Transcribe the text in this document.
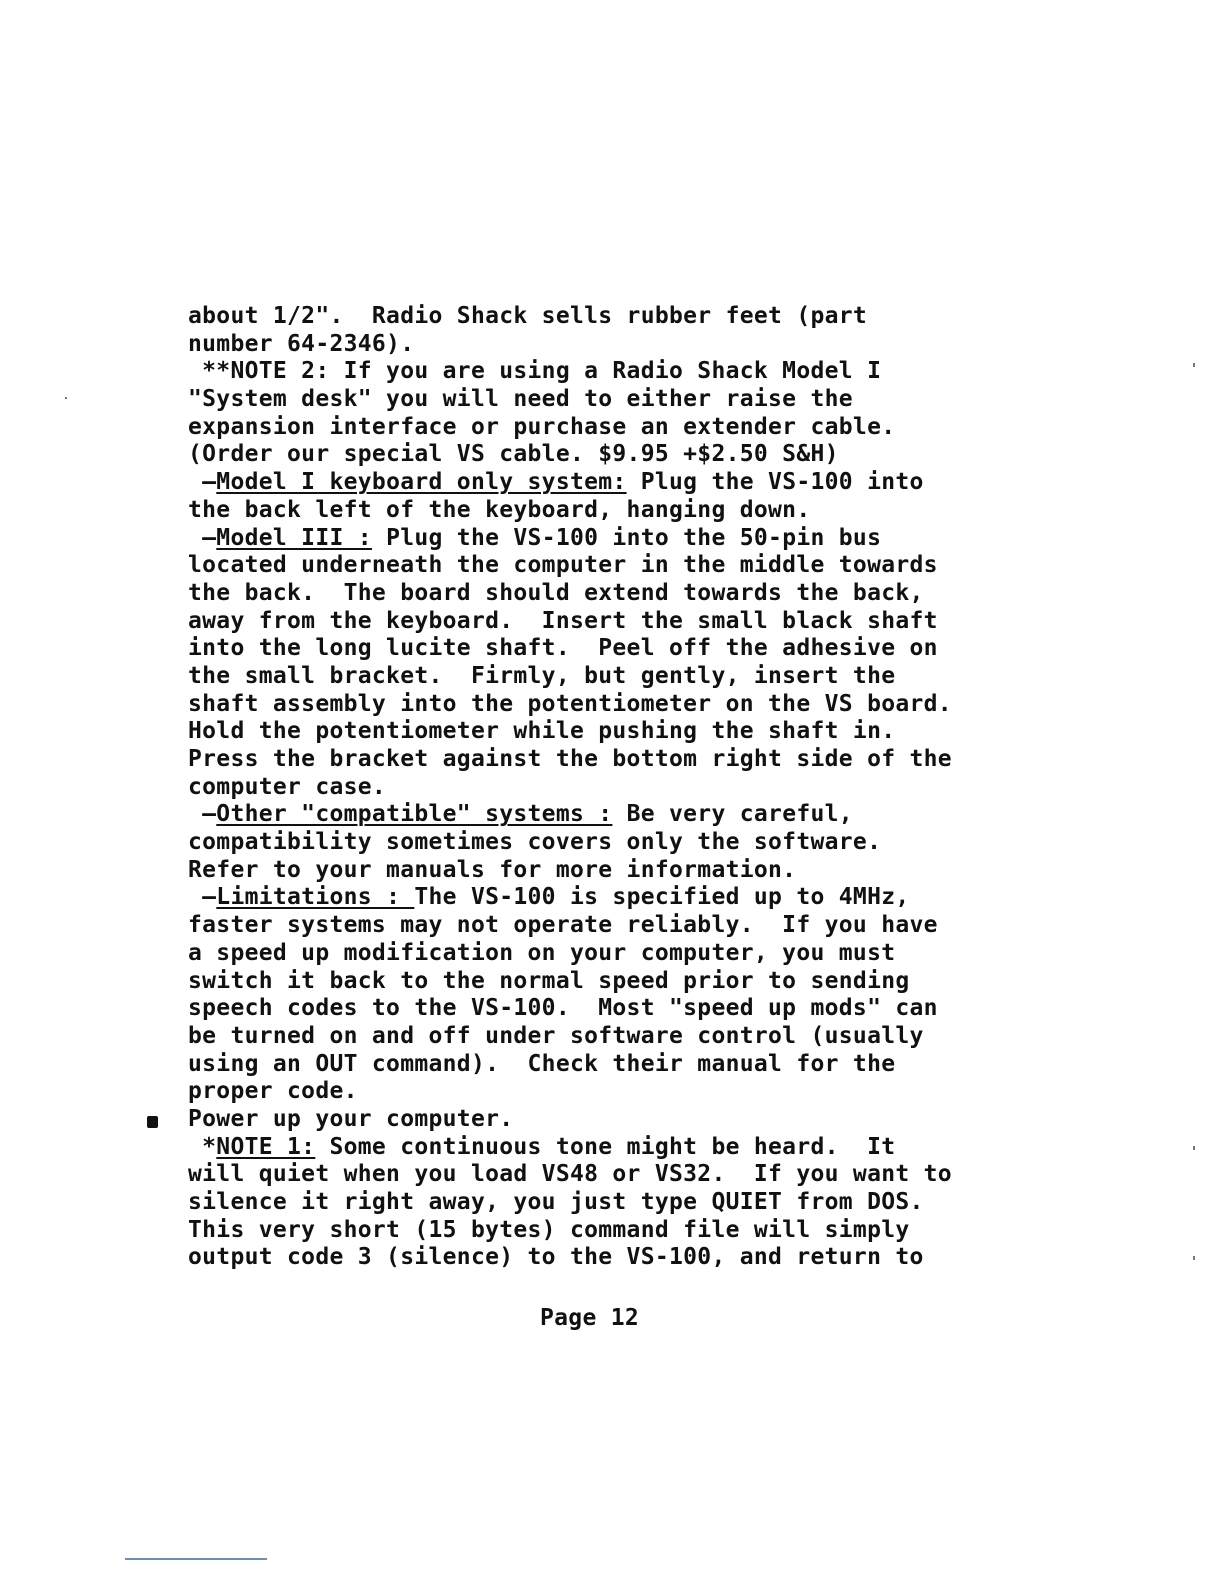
about 1/2".  Radio Shack sells rubber feet (part
number 64-2346).
**NOTE 2: If you are using a Radio Shack Model I
"System desk" you will need to either raise the
expansion interface or purchase an extender cable.
(Order our special VS cable. $9.95 +$2.50 S&H)
—Model I keyboard only system: Plug the VS-100 into
the back left of the keyboard, hanging down.
—Model III : Plug the VS-100 into the 50-pin bus
located underneath the computer in the middle towards
the back.  The board should extend towards the back,
away from the keyboard.  Insert the small black shaft
into the long lucite shaft.  Peel off the adhesive on
the small bracket.  Firmly, but gently, insert the
shaft assembly into the potentiometer on the VS board.
Hold the potentiometer while pushing the shaft in.
Press the bracket against the bottom right side of the
computer case.
—Other "compatible" systems : Be very careful,
compatibility sometimes covers only the software.
Refer to your manuals for more information.
—Limitations : The VS-100 is specified up to 4MHz,
faster systems may not operate reliably.  If you have
a speed up modification on your computer, you must
switch it back to the normal speed prior to sending
speech codes to the VS-100.  Most "speed up mods" can
be turned on and off under software control (usually
using an OUT command).  Check their manual for the
proper code.
Power up your computer.
*NOTE 1: Some continuous tone might be heard.  It
will quiet when you load VS48 or VS32.  If you want to
silence it right away, you just type QUIET from DOS.
This very short (15 bytes) command file will simply
output code 3 (silence) to the VS-100, and return to
Page 12
